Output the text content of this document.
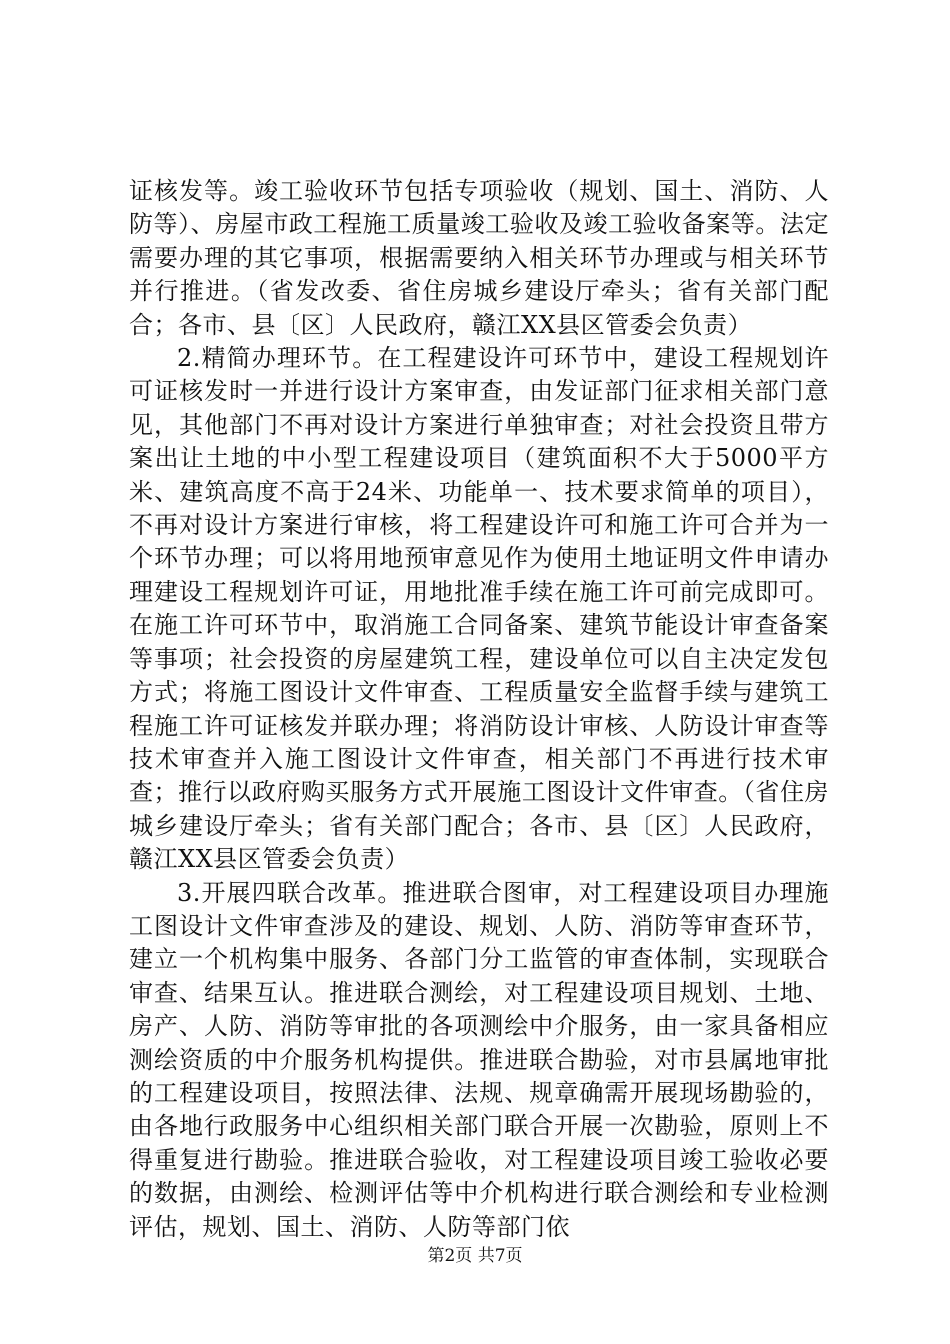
证核发等。竣工验收环节包括专项验收（规划、国土、消防、人防等）、房屋市政工程施工质量竣工验收及竣工验收备案等。法定需要办理的其它事项，根据需要纳入相关环节办理或与相关环节并行推进。（省发改委、省住房城乡建设厅牵头；省有关部门配合；各市、县〔区〕人民政府，赣江XX县区管委会负责）

2.精简办理环节。在工程建设许可环节中，建设工程规划许可证核发时一并进行设计方案审查，由发证部门征求相关部门意见，其他部门不再对设计方案进行单独审查；对社会投资且带方案出让土地的中小型工程建设项目（建筑面积不大于5000平方米、建筑高度不高于24米、功能单一、技术要求简单的项目），不再对设计方案进行审核，将工程建设许可和施工许可合并为一个环节办理；可以将用地预审意见作为使用土地证明文件申请办理建设工程规划许可证，用地批准手续在施工许可前完成即可。在施工许可环节中，取消施工合同备案、建筑节能设计审查备案等事项；社会投资的房屋建筑工程，建设单位可以自主决定发包方式；将施工图设计文件审查、工程质量安全监督手续与建筑工程施工许可证核发并联办理；将消防设计审核、人防设计审查等技术审查并入施工图设计文件审查，相关部门不再进行技术审查；推行以政府购买服务方式开展施工图设计文件审查。（省住房城乡建设厅牵头；省有关部门配合；各市、县〔区〕人民政府，赣江XX县区管委会负责）

3.开展四联合改革。推进联合图审，对工程建设项目办理施工图设计文件审查涉及的建设、规划、人防、消防等审查环节，建立一个机构集中服务、各部门分工监管的审查体制，实现联合审查、结果互认。推进联合测绘，对工程建设项目规划、土地、房产、人防、消防等审批的各项测绘中介服务，由一家具备相应测绘资质的中介服务机构提供。推进联合勘验，对市县属地审批的工程建设项目，按照法律、法规、规章确需开展现场勘验的，由各地行政服务中心组织相关部门联合开展一次勘验，原则上不得重复进行勘验。推进联合验收，对工程建设项目竣工验收必要的数据，由测绘、检测评估等中介机构进行联合测绘和专业检测评估，规划、国土、消防、人防等部门依

第2页 共7页
